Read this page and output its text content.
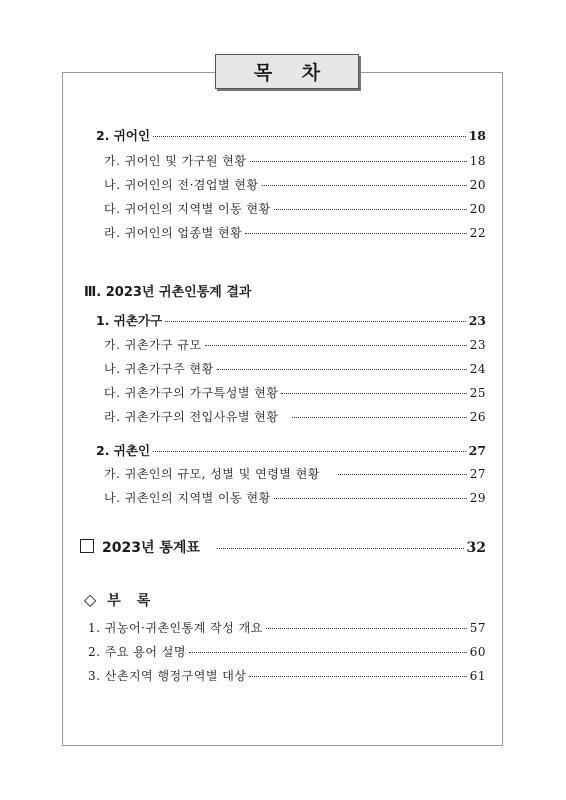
목 차
2. 귀어인	18
가. 귀어인 및 가구원 현황	18
나. 귀어인의 전·겸업별 현황	20
다. 귀어인의 지역별 이동 현황	20
라. 귀어인의 업종별 현황	22
Ⅲ. 2023년 귀촌인통계 결과
1. 귀촌가구	23
가. 귀촌가구 규모	23
나. 귀촌가구주 현황	24
다. 귀촌가구의 가구특성별 현황	25
라. 귀촌가구의 전입사유별 현황	26
2. 귀촌인	27
가. 귀촌인의 규모, 성별 및 연령별 현황	27
나. 귀촌인의 지역별 이동 현황	29
2023년 통계표	32
◇ 부 록
1. 귀농어·귀촌인통계 작성 개요	57
2. 주요 용어 설명	60
3. 산촌지역 행정구역별 대상	61
